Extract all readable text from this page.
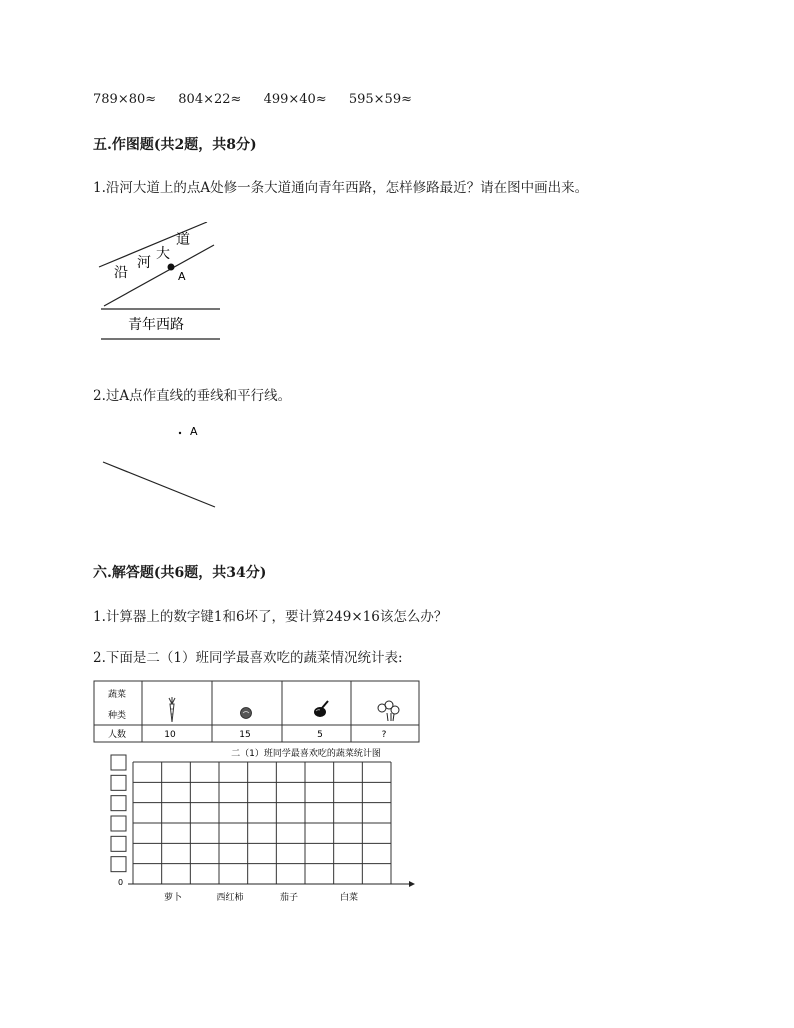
789×80≈ 804×22≈ 499×40≈ 595×59≈
五.作图题(共2题，共8分)
1.沿河大道上的点A处修一条大道通向青年西路，怎样修路最近？请在图中画出来。
沿
河
大
道
A
青年西路
2.过A点作直线的垂线和平行线。
A
六.解答题(共6题，共34分)
1.计算器上的数字键1和6坏了，要计算249×16该怎么办？
2.下面是二（1）班同学最喜欢吃的蔬菜情况统计表:
蔬菜
种类
人数	10	15	5	?
二（1）班同学最喜欢吃的蔬菜统计图
0
萝卜	西红柿	茄子	白菜
